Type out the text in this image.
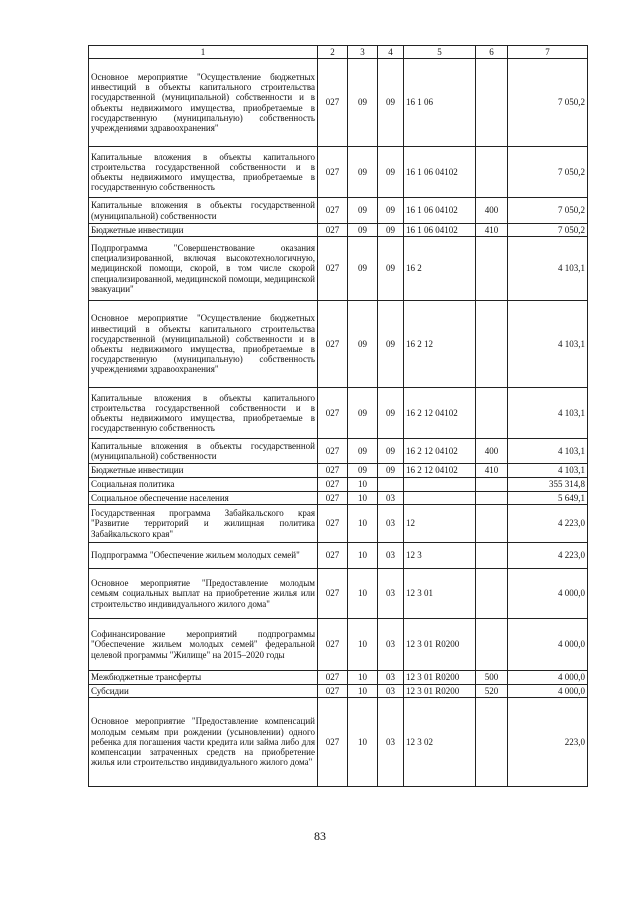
1	2	3	4	5	6	7
Основное мероприятие "Осуществление бюджетных инвестиций в объекты капитального строительства государственной (муниципальной) собственности и в объекты недвижимого имущества, приобретаемые в государственную (муниципальную) собственность учреждениями здравоохранения"	027	09	09	16 1 06		7 050,2
Капитальные вложения в объекты капитального строительства государственной собственности и в объекты недвижимого имущества, приобретаемые в государственную собственность	027	09	09	16 1 06 04102		7 050,2
Капитальные вложения в объекты государственной (муниципальной) собственности	027	09	09	16 1 06 04102	400	7 050,2
Бюджетные инвестиции	027	09	09	16 1 06 04102	410	7 050,2
Подпрограмма "Совершенствование оказания специализированной, включая высокотехнологичную, медицинской помощи, скорой, в том числе скорой специализированной, медицинской помощи, медицинской эвакуации"	027	09	09	16 2		4 103,1
Основное мероприятие "Осуществление бюджетных инвестиций в объекты капитального строительства государственной (муниципальной) собственности и в объекты недвижимого имущества, приобретаемые в государственную (муниципальную) собственность учреждениями здравоохранения"	027	09	09	16 2 12		4 103,1
Капитальные вложения в объекты капитального строительства государственной собственности и в объекты недвижимого имущества, приобретаемые в государственную собственность	027	09	09	16 2 12 04102		4 103,1
Капитальные вложения в объекты государственной (муниципальной) собственности	027	09	09	16 2 12 04102	400	4 103,1
Бюджетные инвестиции	027	09	09	16 2 12 04102	410	4 103,1
Социальная политика	027	10				355 314,8
Социальное обеспечение населения	027	10	03			5 649,1
Государственная программа Забайкальского края "Развитие территорий и жилищная политика Забайкальского края"	027	10	03	12		4 223,0
Подпрограмма "Обеспечение жильем молодых семей"	027	10	03	12 3		4 223,0
Основное мероприятие "Предоставление молодым семьям социальных выплат на приобретение жилья или строительство индивидуального жилого дома"	027	10	03	12 3 01		4 000,0
Софинансирование мероприятий подпрограммы "Обеспечение жильем молодых семей" федеральной целевой программы "Жилище" на 2015–2020 годы	027	10	03	12 3 01 R0200		4 000,0
Межбюджетные трансферты	027	10	03	12 3 01 R0200	500	4 000,0
Субсидии	027	10	03	12 3 01 R0200	520	4 000,0
Основное мероприятие "Предоставление компенсаций молодым семьям при рождении (усыновлении) одного ребенка для погашения части кредита или займа либо для компенсации затраченных средств на приобретение жилья или строительство индивидуального жилого дома"	027	10	03	12 3 02		223,0
83
